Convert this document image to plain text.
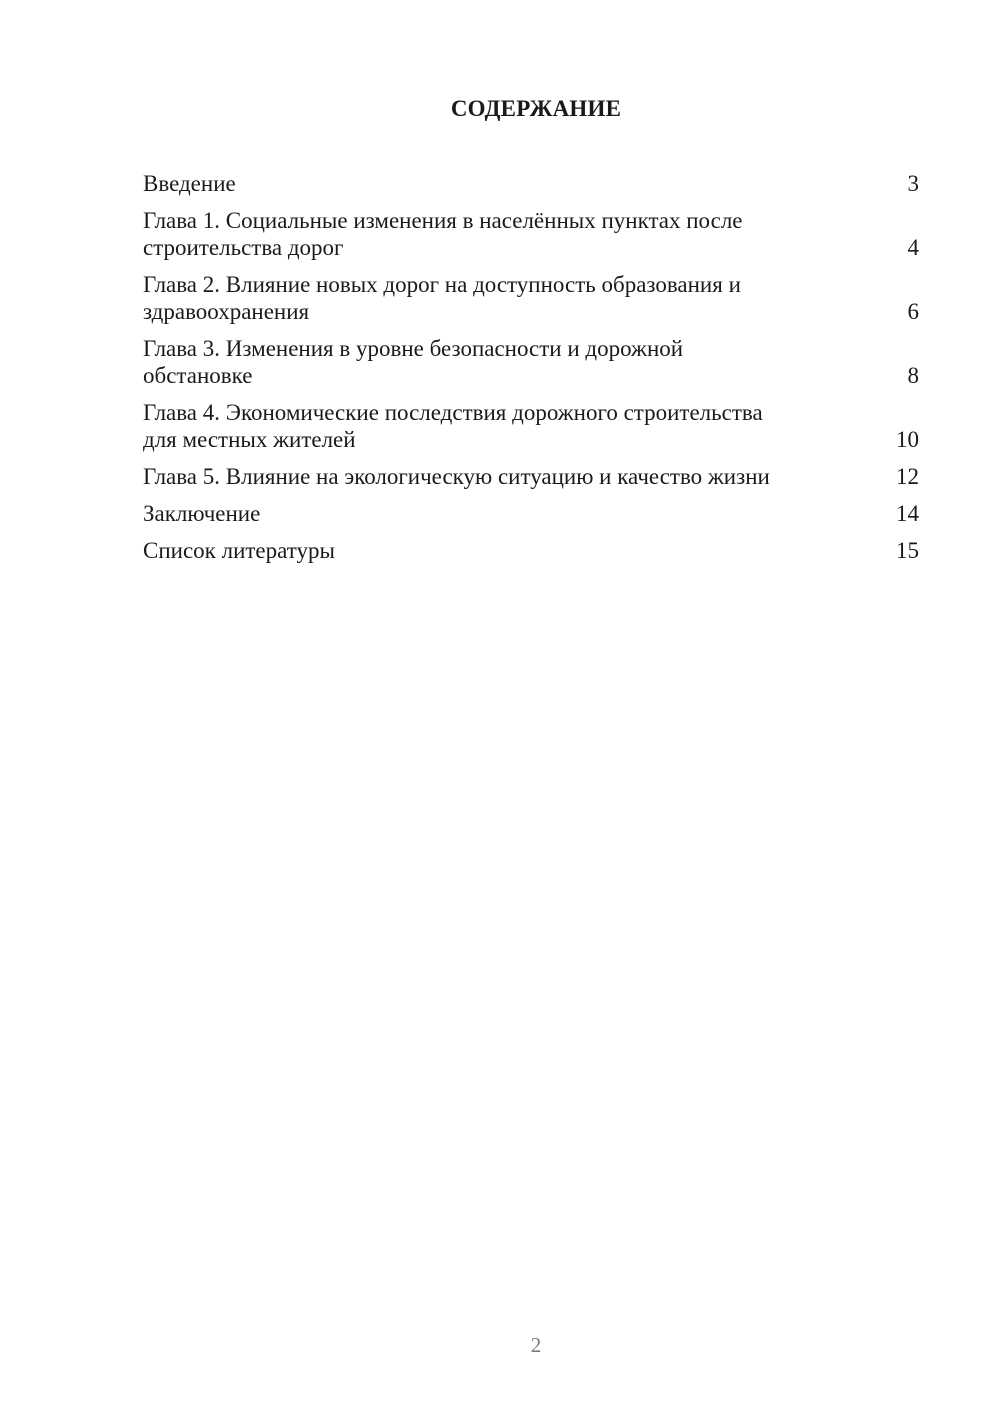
СОДЕРЖАНИЕ
Введение	3
Глава 1. Социальные изменения в населённых пунктах после
строительства дорог	4
Глава 2. Влияние новых дорог на доступность образования и
здравоохранения	6
Глава 3. Изменения в уровне безопасности и дорожной
обстановке	8
Глава 4. Экономические последствия дорожного строительства
для местных жителей	10
Глава 5. Влияние на экологическую ситуацию и качество жизни	12
Заключение	14
Список литературы	15
2
